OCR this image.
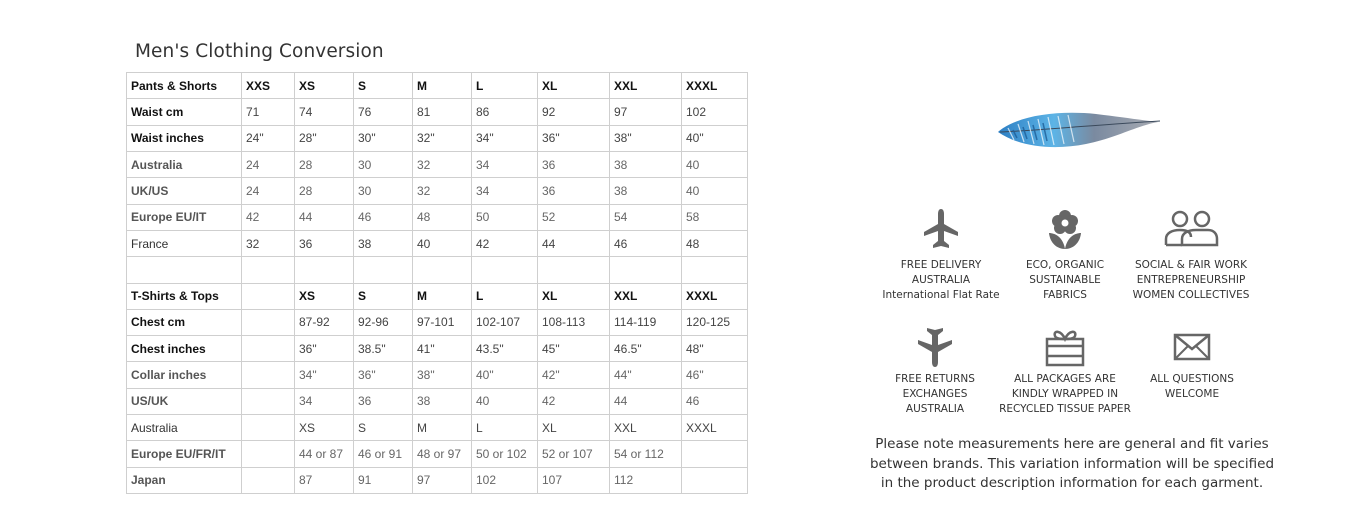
Men's Clothing Conversion
Pants & Shorts	XXS	XS	S	M	L	XL	XXL	XXXL
Waist cm	71	74	76	81	86	92	97	102
Waist inches	24"	28"	30"	32"	34"	36"	38"	40"
Australia	24	28	30	32	34	36	38	40
UK/US	24	28	30	32	34	36	38	40
Europe EU/IT	42	44	46	48	50	52	54	58
France	32	36	38	40	42	44	46	48

T-Shirts & Tops		XS	S	M	L	XL	XXL	XXXL
Chest cm		87-92	92-96	97-101	102-107	108-113	114-119	120-125
Chest inches		36"	38.5"	41"	43.5"	45"	46.5"	48"
Collar inches		34"	36"	38"	40"	42"	44"	46"
US/UK		34	36	38	40	42	44	46
Australia		XS	S	M	L	XL	XXL	XXXL
Europe EU/FR/IT		44 or 87	46 or 91	48 or 97	50 or 102	52 or 107	54 or 112	
Japan		87	91	97	102	107	112	
FREE DELIVERY
AUSTRALIA
International Flat Rate
ECO, ORGANIC
SUSTAINABLE
FABRICS
SOCIAL & FAIR WORK
ENTREPRENEURSHIP
WOMEN COLLECTIVES
FREE RETURNS
EXCHANGES
AUSTRALIA
ALL PACKAGES ARE
KINDLY WRAPPED IN
RECYCLED TISSUE PAPER
ALL QUESTIONS
WELCOME
Please note measurements here are general and fit varies between brands. This variation information will be specified in the product description information for each garment.
